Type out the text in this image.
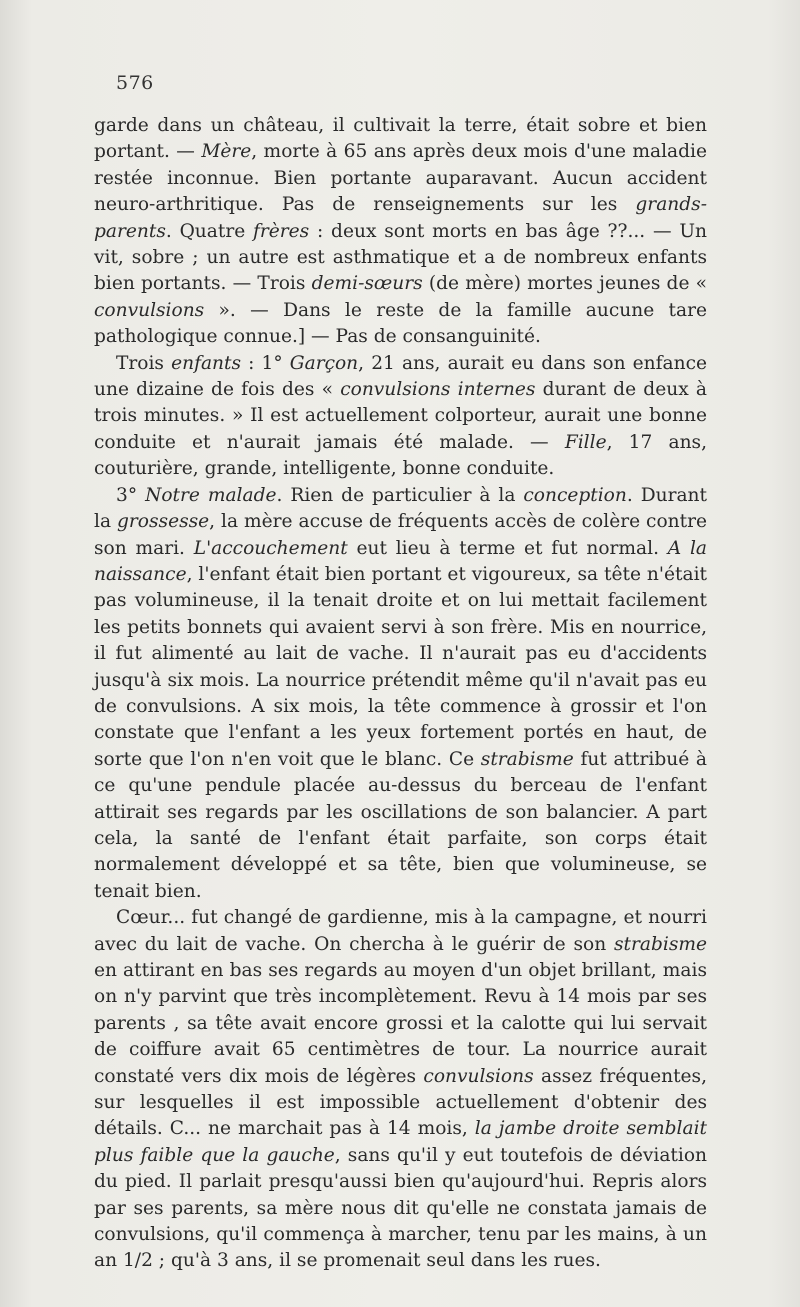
576

garde dans un château, il cultivait la terre, était sobre et bien portant. — Mère, morte à 65 ans après deux mois d'une maladie restée inconnue. Bien portante auparavant. Aucun accident neuro-arthritique. Pas de renseignements sur les grands-parents. Quatre frères : deux sont morts en bas âge ??... — Un vit, sobre ; un autre est asthmatique et a de nombreux enfants bien portants. — Trois demi-sœurs (de mère) mortes jeunes de « convulsions ». — Dans le reste de la famille aucune tare pathologique connue.] — Pas de consanguinité.

Trois enfants : 1° Garçon, 21 ans, aurait eu dans son enfance une dizaine de fois des « convulsions internes durant de deux à trois minutes. » Il est actuellement colporteur, aurait une bonne conduite et n'aurait jamais été malade. — Fille, 17 ans, couturière, grande, intelligente, bonne conduite.

3° Notre malade. Rien de particulier à la conception. Durant la grossesse, la mère accuse de fréquents accès de colère contre son mari. L'accouchement eut lieu à terme et fut normal. A la naissance, l'enfant était bien portant et vigoureux, sa tête n'était pas volumineuse, il la tenait droite et on lui mettait facilement les petits bonnets qui avaient servi à son frère. Mis en nourrice, il fut alimenté au lait de vache. Il n'aurait pas eu d'accidents jusqu'à six mois. La nourrice prétendit même qu'il n'avait pas eu de convulsions. A six mois, la tête commence à grossir et l'on constate que l'enfant a les yeux fortement portés en haut, de sorte que l'on n'en voit que le blanc. Ce strabisme fut attribué à ce qu'une pendule placée au-dessus du berceau de l'enfant attirait ses regards par les oscillations de son balancier. A part cela, la santé de l'enfant était parfaite, son corps était normalement développé et sa tête, bien que volumineuse, se tenait bien.

Cœur... fut changé de gardienne, mis à la campagne, et nourri avec du lait de vache. On chercha à le guérir de son strabisme en attirant en bas ses regards au moyen d'un objet brillant, mais on n'y parvint que très incomplètement. Revu à 14 mois par ses parents , sa tête avait encore grossi et la calotte qui lui servait de coiffure avait 65 centimètres de tour. La nourrice aurait constaté vers dix mois de légères convulsions assez fréquentes, sur lesquelles il est impossible actuellement d'obtenir des détails. C... ne marchait pas à 14 mois, la jambe droite semblait plus faible que la gauche, sans qu'il y eut toutefois de déviation du pied. Il parlait presqu'aussi bien qu'aujourd'hui. Repris alors par ses parents, sa mère nous dit qu'elle ne constata jamais de convulsions, qu'il commença à marcher, tenu par les mains, à un an 1/2 ; qu'à 3 ans, il se promenait seul dans les rues.
